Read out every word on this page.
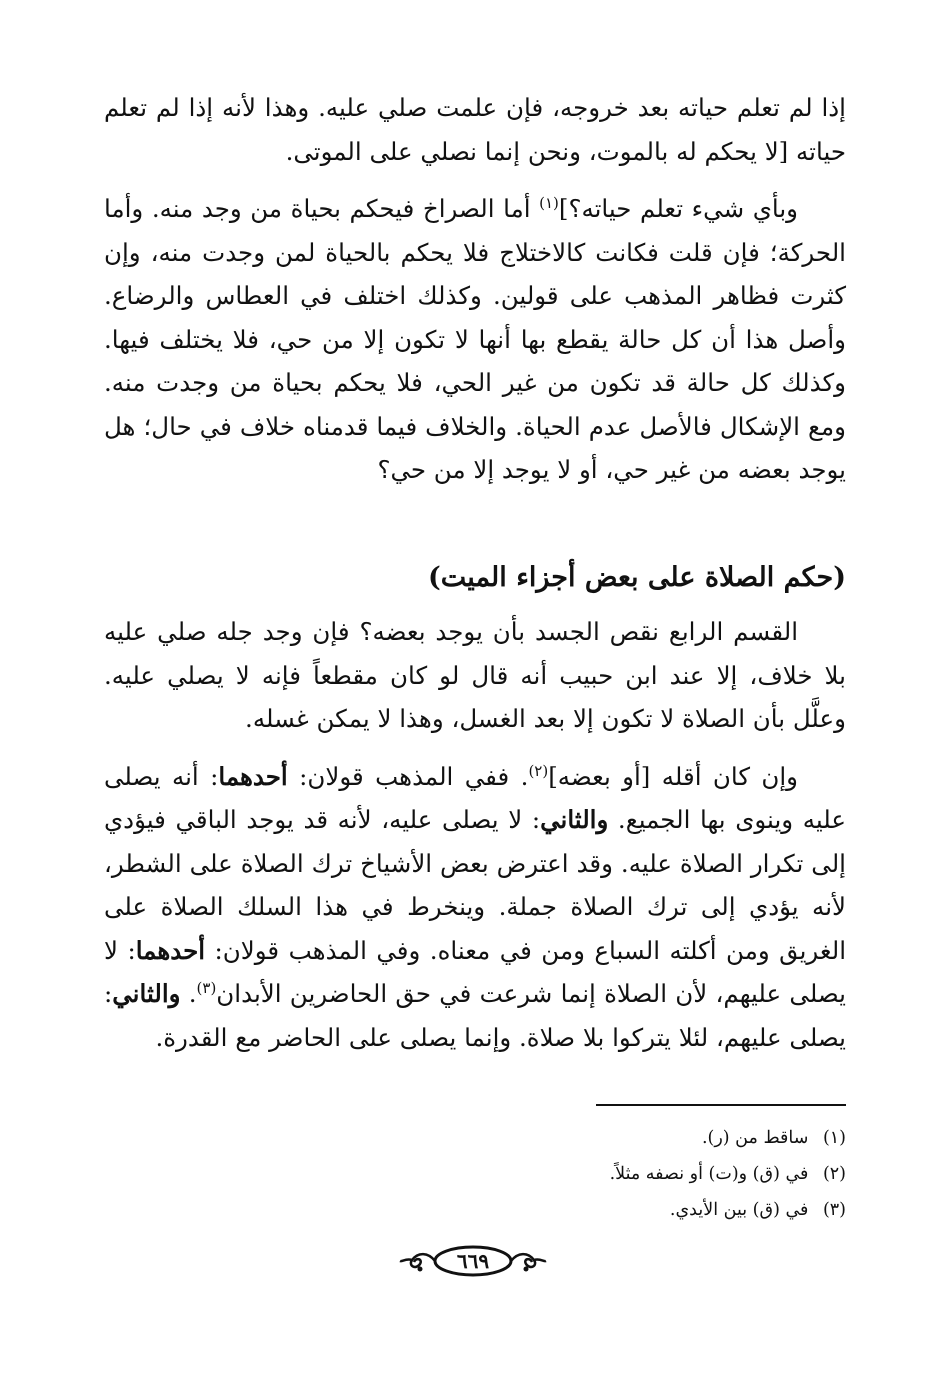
إذا لم تعلم حياته بعد خروجه، فإن علمت صلي عليه. وهذا لأنه إذا لم تعلم حياته [لا يحكم له بالموت، ونحن إنما نصلي على الموتى.

وبأي شيء تعلم حياته؟]$^{(١)}$ أما الصراخ فيحكم بحياة من وجد منه. وأما الحركة؛ فإن قلت فكانت كالاختلاج فلا يحكم بالحياة لمن وجدت منه، وإن كثرت فظاهر المذهب على قولين. وكذلك اختلف في العطاس والرضاع. وأصل هذا أن كل حالة يقطع بها أنها لا تكون إلا من حي، فلا يختلف فيها. وكذلك كل حالة قد تكون من غير الحي، فلا يحكم بحياة من وجدت منه. ومع الإشكال فالأصل عدم الحياة. والخلاف فيما قدمناه خلاف في حال؛ هل يوجد بعضه من غير حي، أو لا يوجد إلا من حي؟

(حكم الصلاة على بعض أجزاء الميت)

القسم الرابع نقص الجسد بأن يوجد بعضه؟ فإن وجد جله صلي عليه بلا خلاف، إلا عند ابن حبيب أنه قال لو كان مقطعاً فإنه لا يصلي عليه. وعلَّل بأن الصلاة لا تكون إلا بعد الغسل، وهذا لا يمكن غسله.

وإن كان أقله [أو بعضه]$^{(٢)}$. ففي المذهب قولان: أحدهما: أنه يصلى عليه وينوى بها الجميع. والثاني: لا يصلى عليه، لأنه قد يوجد الباقي فيؤدي إلى تكرار الصلاة عليه. وقد اعترض بعض الأشياخ ترك الصلاة على الشطر، لأنه يؤدي إلى ترك الصلاة جملة. وينخرط في هذا السلك الصلاة على الغريق ومن أكلته السباع ومن في معناه. وفي المذهب قولان: أحدهما: لا يصلى عليهم، لأن الصلاة إنما شرعت في حق الحاضرين الأبدان$^{(٣)}$. والثاني: يصلى عليهم، لئلا يتركوا بلا صلاة. وإنما يصلى على الحاضر مع القدرة.

(١) ساقط من (ر).
(٢) في (ق) و(ت) أو نصفه مثلاً.
(٣) في (ق) بين الأيدي.
٦٦٩
